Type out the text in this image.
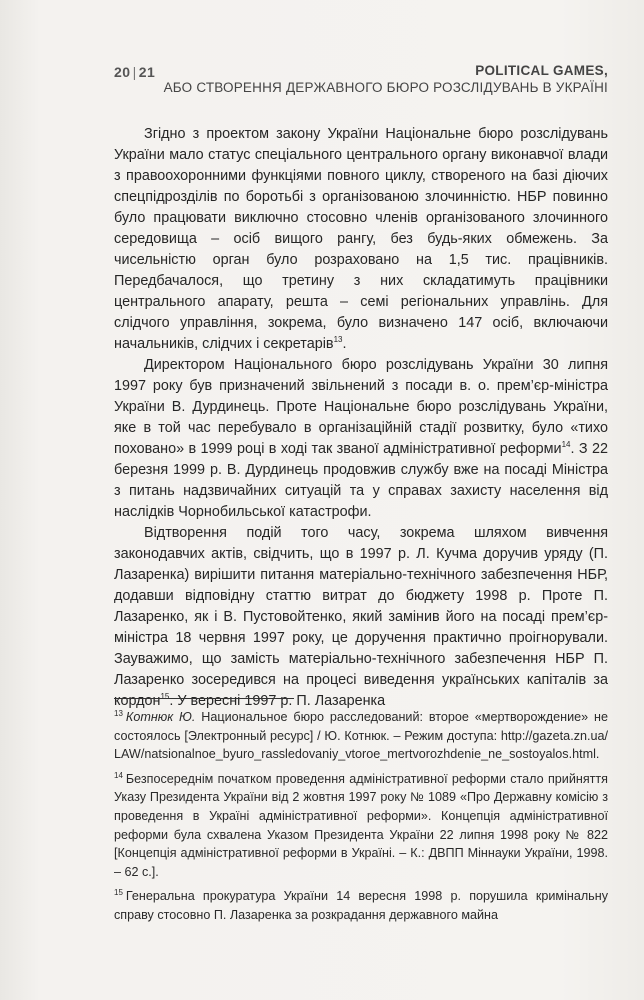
20 | 21	POLITICAL GAMES,
АБО СТВОРЕННЯ ДЕРЖАВНОГО БЮРО РОЗСЛІДУВАНЬ В УКРАЇНІ

Згідно з проектом закону України Національне бюро розслідувань України мало статус спеціального центрального органу виконавчої влади з правоохоронними функціями повного циклу, створеного на базі діючих спецпідрозділів по боротьбі з організованою злочинністю. НБР повинно було працювати виключно стосовно членів організованого злочинного середовища – осіб вищого рангу, без будь-яких обмежень. За чисельністю орган було розраховано на 1,5 тис. працівників. Передбачалося, що третину з них складатимуть працівники центрального апарату, решта – семі регіональних управлінь. Для слідчого управління, зокрема, було визначено 147 осіб, включаючи начальників, слідчих і секретарів$^{13}$.

Директором Національного бюро розслідувань України 30 липня 1997 року був призначений звільнений з посади в. о. прем’єр-міністра України В. Дурдинець. Проте Національне бюро розслідувань України, яке в той час перебувало в організаційній стадії розвитку, було «тихо поховано» в 1999 році в ході так званої адміністративної реформи$^{14}$. З 22 березня 1999 р. В. Дурдинець продовжив службу вже на посаді Міністра з питань надзвичайних ситуацій та у справах захисту населення від наслідків Чорнобильської катастрофи.

Відтворення подій того часу, зокрема шляхом вивчення законодавчих актів, свідчить, що в 1997 р. Л. Кучма доручив уряду (П. Лазаренка) вирішити питання матеріально-технічного забезпечення НБР, додавши відповідну статтю витрат до бюджету 1998 р. Проте П. Лазаренко, як і В. Пустовойтенко, який замінив його на посаді прем’єр-міністра 18 червня 1997 року, це доручення практично проігнорували. Зауважимо, що замість матеріально-технічного забезпечення НБР П. Лазаренко зосередився на процесі виведення українських капіталів за кордон$^{15}$. У вересні 1997 р. П. Лазаренка

$^{13}$ Котнюк Ю. Национальное бюро расследований: второе «мертворождение» не состоялось [Электронный ресурс] / Ю. Котнюк. – Режим доступа: http://gazeta.zn.ua/LAW/natsionalnoe_byuro_rassledovaniy_vtoroe_mertvorozhdenie_ne_sostoyalos.html.

$^{14}$ Безпосереднім початком проведення адміністративної реформи стало прийняття Указу Президента України від 2 жовтня 1997 року № 1089 «Про Державну комісію з проведення в Україні адміністративної реформи». Концепція адміністративної реформи була схвалена Указом Президента України 22 липня 1998 року № 822 [Концепція адміністративної реформи в Україні. – К.: ДВПП Міннауки України, 1998. – 62 с.].

$^{15}$ Генеральна прокуратура України 14 вересня 1998 р. порушила кримінальну справу стосовно П. Лазаренка за розкрадання державного майна
